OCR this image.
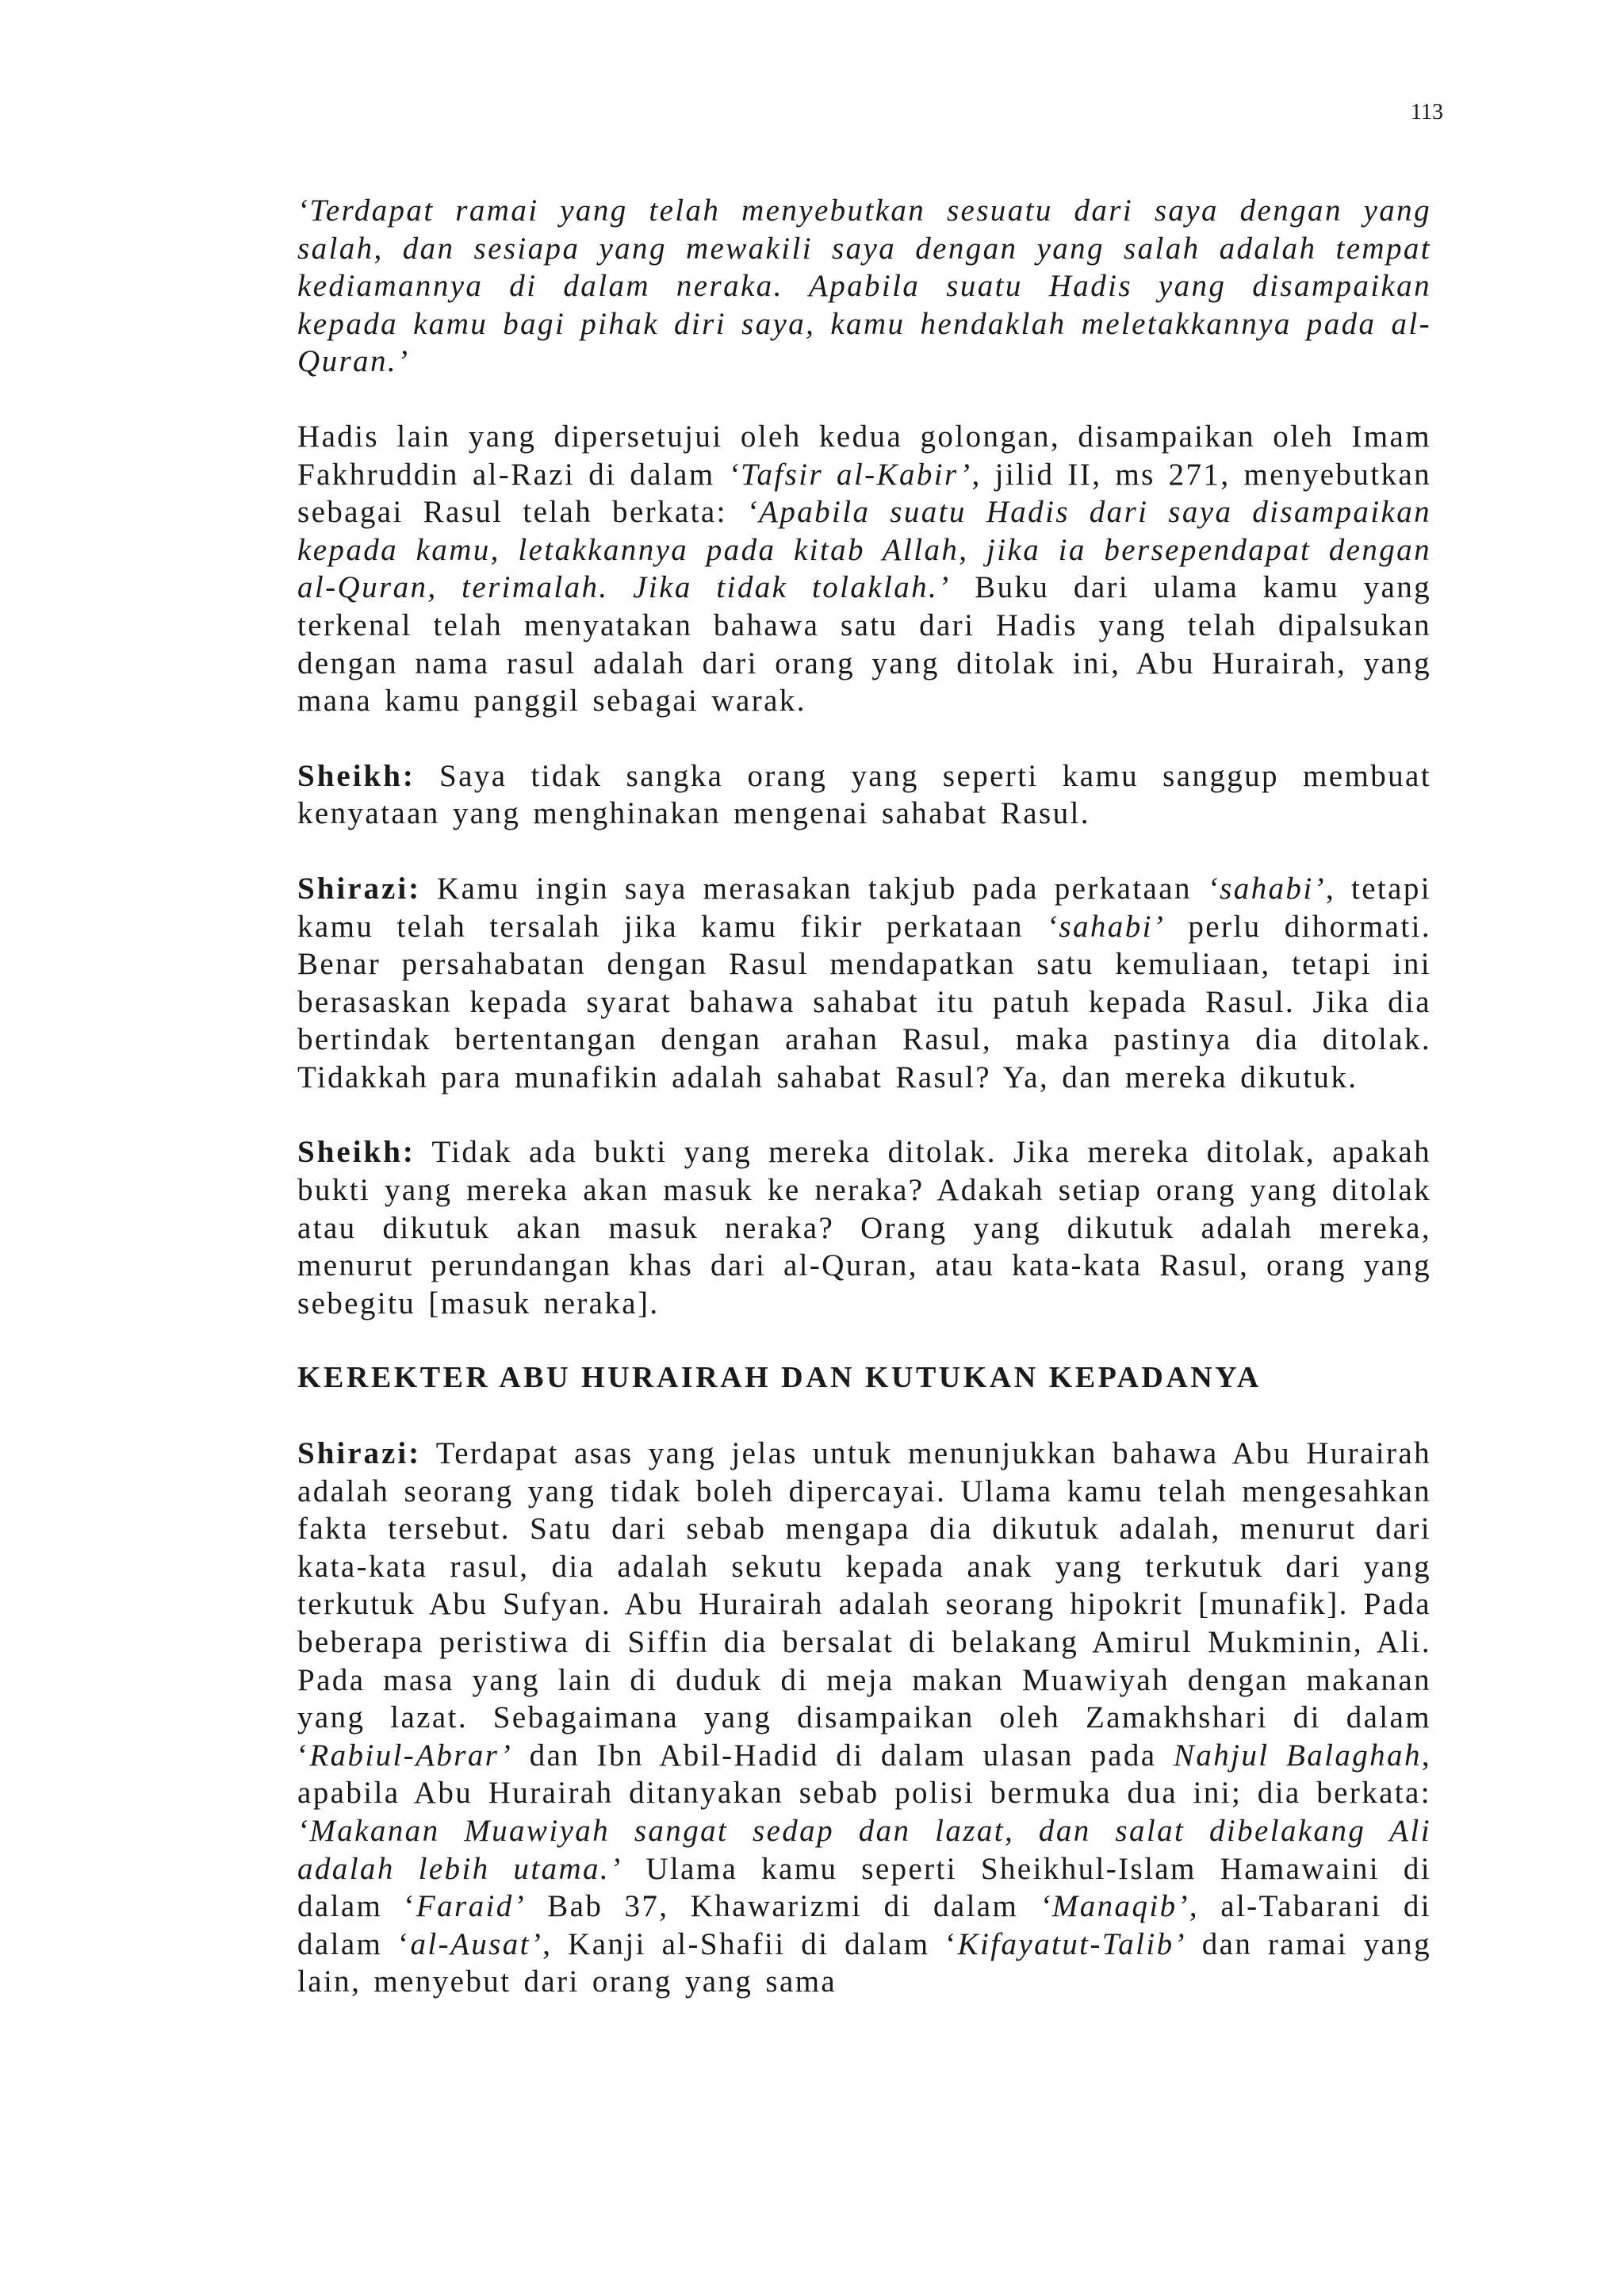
113

‘Terdapat ramai yang telah menyebutkan sesuatu dari saya dengan yang salah, dan sesiapa yang mewakili saya dengan yang salah adalah tempat kediamannya di dalam neraka. Apabila suatu Hadis yang disampaikan kepada kamu bagi pihak diri saya, kamu hendaklah meletakkannya pada al-Quran.’

Hadis lain yang dipersetujui oleh kedua golongan, disampaikan oleh Imam Fakhruddin al-Razi di dalam ‘Tafsir al-Kabir’, jilid II, ms 271, menyebutkan sebagai Rasul telah berkata: ‘Apabila suatu Hadis dari saya disampaikan kepada kamu, letakkannya pada kitab Allah, jika ia bersependapat dengan al-Quran, terimalah. Jika tidak tolaklah.’ Buku dari ulama kamu yang terkenal telah menyatakan bahawa satu dari Hadis yang telah dipalsukan dengan nama rasul adalah dari orang yang ditolak ini, Abu Hurairah, yang mana kamu panggil sebagai warak.

Sheikh: Saya tidak sangka orang yang seperti kamu sanggup membuat kenyataan yang menghinakan mengenai sahabat Rasul.

Shirazi: Kamu ingin saya merasakan takjub pada perkataan ‘sahabi’, tetapi kamu telah tersalah jika kamu fikir perkataan ‘sahabi’ perlu dihormati. Benar persahabatan dengan Rasul mendapatkan satu kemuliaan, tetapi ini berasaskan kepada syarat bahawa sahabat itu patuh kepada Rasul. Jika dia bertindak bertentangan dengan arahan Rasul, maka pastinya dia ditolak. Tidakkah para munafikin adalah sahabat Rasul? Ya, dan mereka dikutuk.

Sheikh: Tidak ada bukti yang mereka ditolak. Jika mereka ditolak, apakah bukti yang mereka akan masuk ke neraka? Adakah setiap orang yang ditolak atau dikutuk akan masuk neraka? Orang yang dikutuk adalah mereka, menurut perundangan khas dari al-Quran, atau kata-kata Rasul, orang yang sebegitu [masuk neraka].

KEREKTER ABU HURAIRAH DAN KUTUKAN KEPADANYA

Shirazi: Terdapat asas yang jelas untuk menunjukkan bahawa Abu Hurairah adalah seorang yang tidak boleh dipercayai. Ulama kamu telah mengesahkan fakta tersebut. Satu dari sebab mengapa dia dikutuk adalah, menurut dari kata-kata rasul, dia adalah sekutu kepada anak yang terkutuk dari yang terkutuk Abu Sufyan. Abu Hurairah adalah seorang hipokrit [munafik]. Pada beberapa peristiwa di Siffin dia bersalat di belakang Amirul Mukminin, Ali. Pada masa yang lain di duduk di meja makan Muawiyah dengan makanan yang lazat. Sebagaimana yang disampaikan oleh Zamakhshari di dalam ‘Rabiul-Abrar’ dan Ibn Abil-Hadid di dalam ulasan pada Nahjul Balaghah, apabila Abu Hurairah ditanyakan sebab polisi bermuka dua ini; dia berkata: ‘Makanan Muawiyah sangat sedap dan lazat, dan salat dibelakang Ali adalah lebih utama.’ Ulama kamu seperti Sheikhul-Islam Hamawaini di dalam ‘Faraid’ Bab 37, Khawarizmi di dalam ‘Manaqib’, al-Tabarani di dalam ‘al-Ausat’, Kanji al-Shafii di dalam ‘Kifayatut-Talib’ dan ramai yang lain, menyebut dari orang yang sama
